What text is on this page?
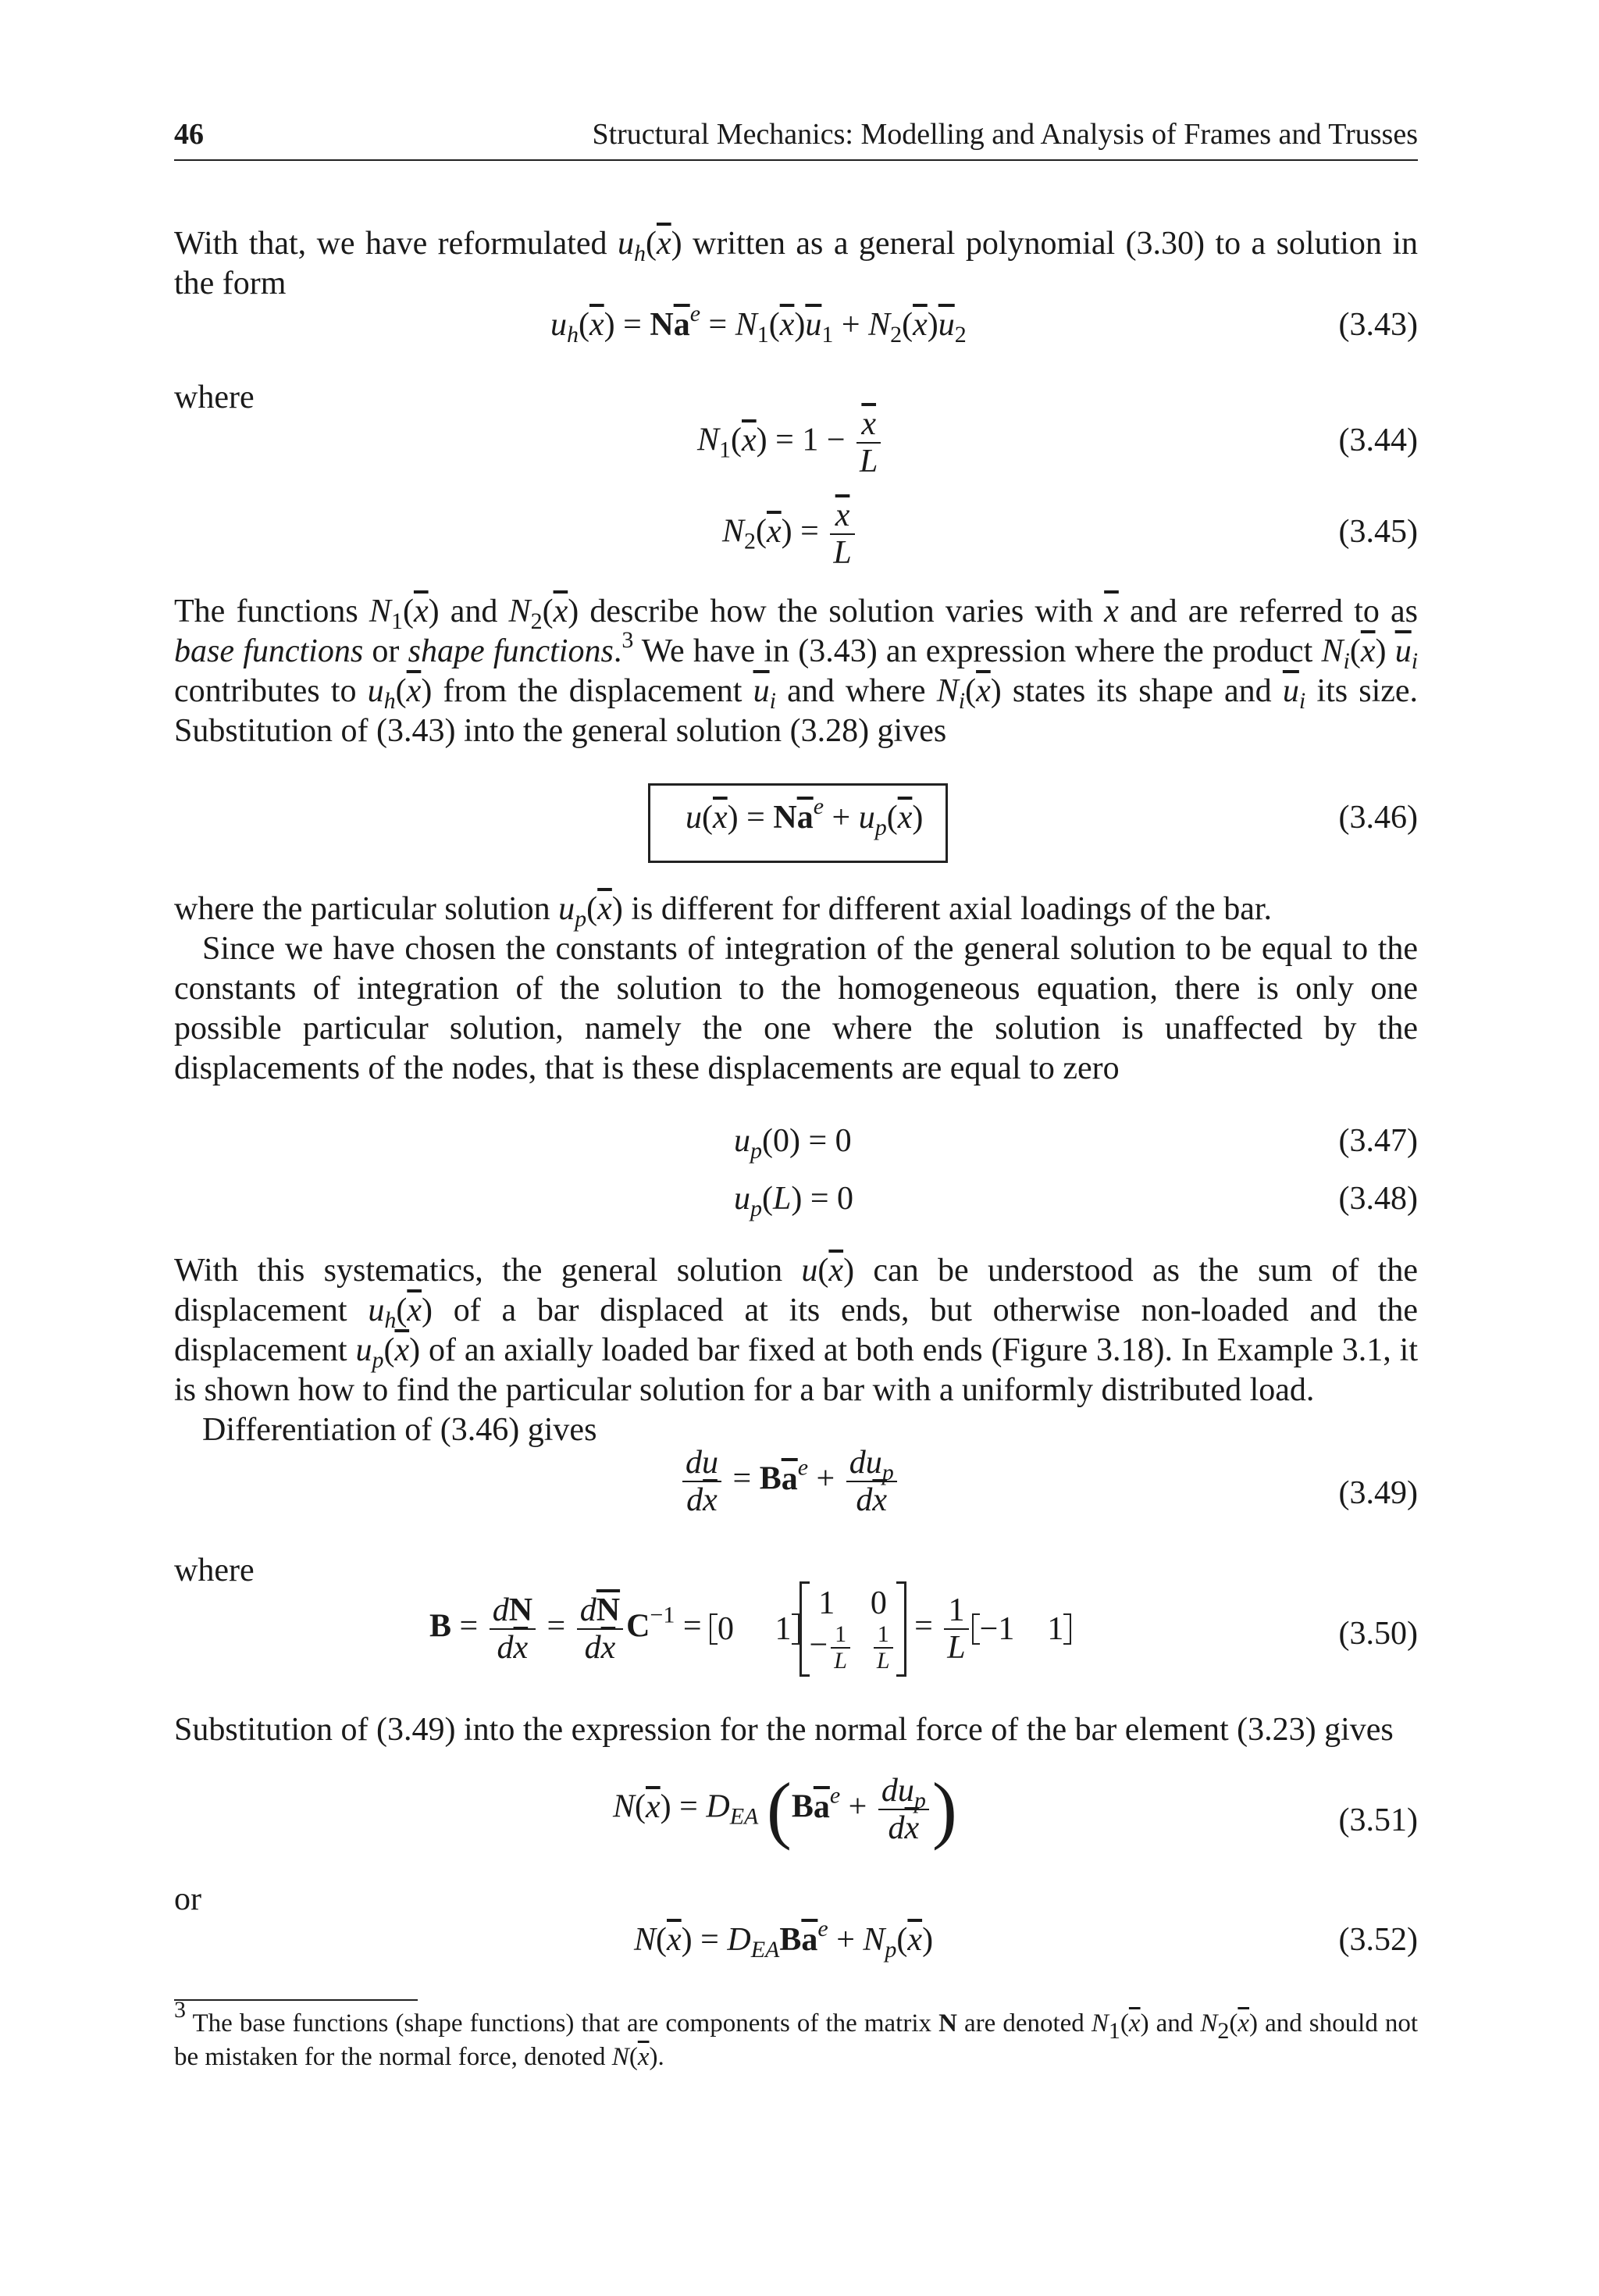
46	Structural Mechanics: Modelling and Analysis of Frames and Trusses

With that, we have reformulated $u_h(\overline{x})$ written as a general polynomial (3.30) to a solution in the form

$u_h(\overline{x}) = N\overline{a}^e = N_1(\overline{x})\overline{u}_1 + N_2(\overline{x})\overline{u}_2$	(3.43)
where
$N_1(\overline{x}) = 1 - \frac{\overline{x}}{L}$	(3.44)
$N_2(\overline{x}) = \frac{\overline{x}}{L}$	(3.45)

The functions $N_1(\overline{x})$ and $N_2(\overline{x})$ describe how the solution varies with $\overline{x}$ and are referred to as base functions or shape functions.$^3$ We have in (3.43) an expression where the product $N_i(\overline{x})$ $\overline{u}_i$ contributes to $u_h(\overline{x})$ from the displacement $\overline{u}_i$ and where $N_i(\overline{x})$ states its shape and $\overline{u}_i$ its size. Substitution of (3.43) into the general solution (3.28) gives

$u(\overline{x}) = N\overline{a}^e + u_p(\overline{x})$	(3.46)

where the particular solution $u_p(\overline{x})$ is different for different axial loadings of the bar.

Since we have chosen the constants of integration of the general solution to be equal to the constants of integration of the solution to the homogeneous equation, there is only one possible particular solution, namely the one where the solution is unaffected by the displacements of the nodes, that is these displacements are equal to zero

$u_p(0) = 0$	(3.47)
$u_p(L) = 0$	(3.48)

With this systematics, the general solution $u(\overline{x})$ can be understood as the sum of the displacement $u_h(\overline{x})$ of a bar displaced at its ends, but otherwise non-loaded and the displacement $u_p(\overline{x})$ of an axially loaded bar fixed at both ends (Figure 3.18). In Example 3.1, it is shown how to find the particular solution for a bar with a uniformly distributed load.

Differentiation of (3.46) gives

$\frac{du}{d\overline{x}} = B\overline{a}^e + \frac{du_p}{d\overline{x}}$	(3.49)
where
$B = \frac{dN}{d\overline{x}} = \frac{d\overline{N}}{d\overline{x}} C^{-1} = 0$     1
1 0
− $\frac{1}{L} \frac{1}{L} = \frac{1}{L} -1$    1	(3.50)

Substitution of (3.49) into the expression for the normal force of the bar element (3.23) gives

$N(\overline{x}) = D_{EA}$ ($B\overline{a}^e + \frac{du_p}{d\overline{x}}$ )	(3.51)
or
$N(\overline{x}) = D_{EA}B\overline{a}^e + N_p(\overline{x})$	(3.52)
$^3$ The base functions (shape functions) that are components of the matrix N are denoted $N_1(\overline{x})$ and $N_2(\overline{x})$ and should not be mistaken for the normal force, denoted $N(\overline{x})$.
